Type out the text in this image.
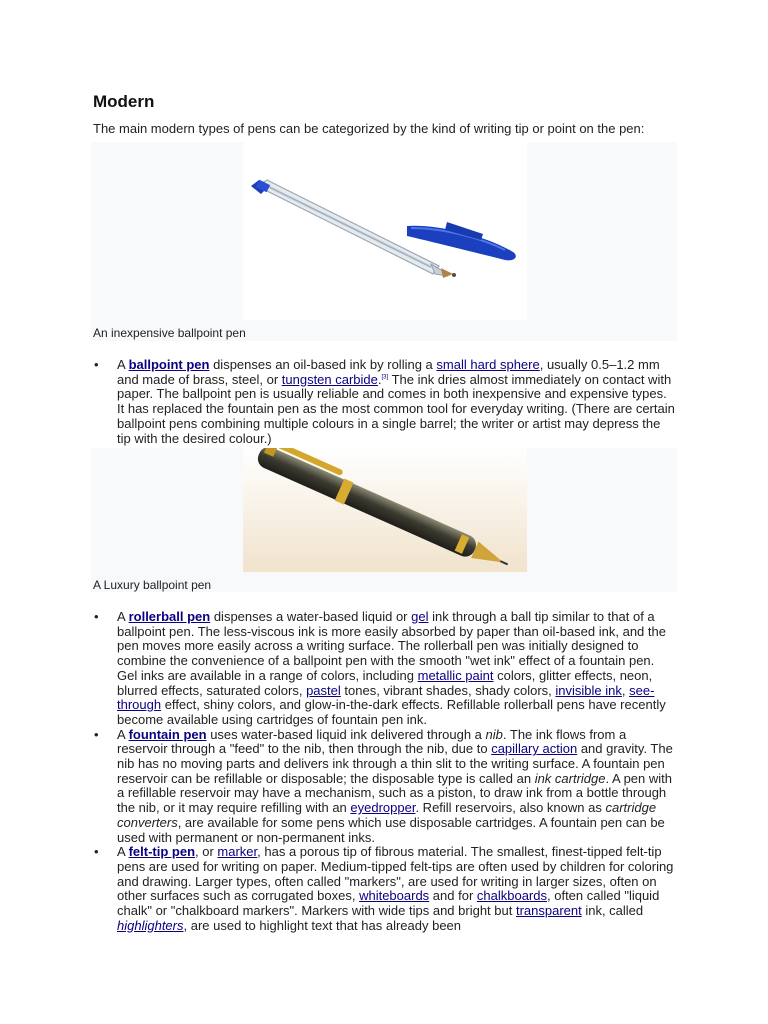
Modern

The main modern types of pens can be categorized by the kind of writing tip or point on the pen:

An inexpensive ballpoint pen

• A ballpoint pen dispenses an oil-based ink by rolling a small hard sphere, usually 0.5–1.2 mm and made of brass, steel, or tungsten carbide.[3] The ink dries almost immediately on contact with paper. The ballpoint pen is usually reliable and comes in both inexpensive and expensive types. It has replaced the fountain pen as the most common tool for everyday writing. (There are certain ballpoint pens combining multiple colours in a single barrel; the writer or artist may depress the tip with the desired colour.)

A Luxury ballpoint pen

• A rollerball pen dispenses a water-based liquid or gel ink through a ball tip similar to that of a ballpoint pen. The less-viscous ink is more easily absorbed by paper than oil-based ink, and the pen moves more easily across a writing surface. The rollerball pen was initially designed to combine the convenience of a ballpoint pen with the smooth "wet ink" effect of a fountain pen. Gel inks are available in a range of colors, including metallic paint colors, glitter effects, neon, blurred effects, saturated colors, pastel tones, vibrant shades, shady colors, invisible ink, see-through effect, shiny colors, and glow-in-the-dark effects. Refillable rollerball pens have recently become available using cartridges of fountain pen ink.
• A fountain pen uses water-based liquid ink delivered through a nib. The ink flows from a reservoir through a "feed" to the nib, then through the nib, due to capillary action and gravity. The nib has no moving parts and delivers ink through a thin slit to the writing surface. A fountain pen reservoir can be refillable or disposable; the disposable type is called an ink cartridge. A pen with a refillable reservoir may have a mechanism, such as a piston, to draw ink from a bottle through the nib, or it may require refilling with an eyedropper. Refill reservoirs, also known as cartridge converters, are available for some pens which use disposable cartridges. A fountain pen can be used with permanent or non-permanent inks.
• A felt-tip pen, or marker, has a porous tip of fibrous material. The smallest, finest-tipped felt-tip pens are used for writing on paper. Medium-tipped felt-tips are often used by children for coloring and drawing. Larger types, often called "markers", are used for writing in larger sizes, often on other surfaces such as corrugated boxes, whiteboards and for chalkboards, often called "liquid chalk" or "chalkboard markers". Markers with wide tips and bright but transparent ink, called highlighters, are used to highlight text that has already been
